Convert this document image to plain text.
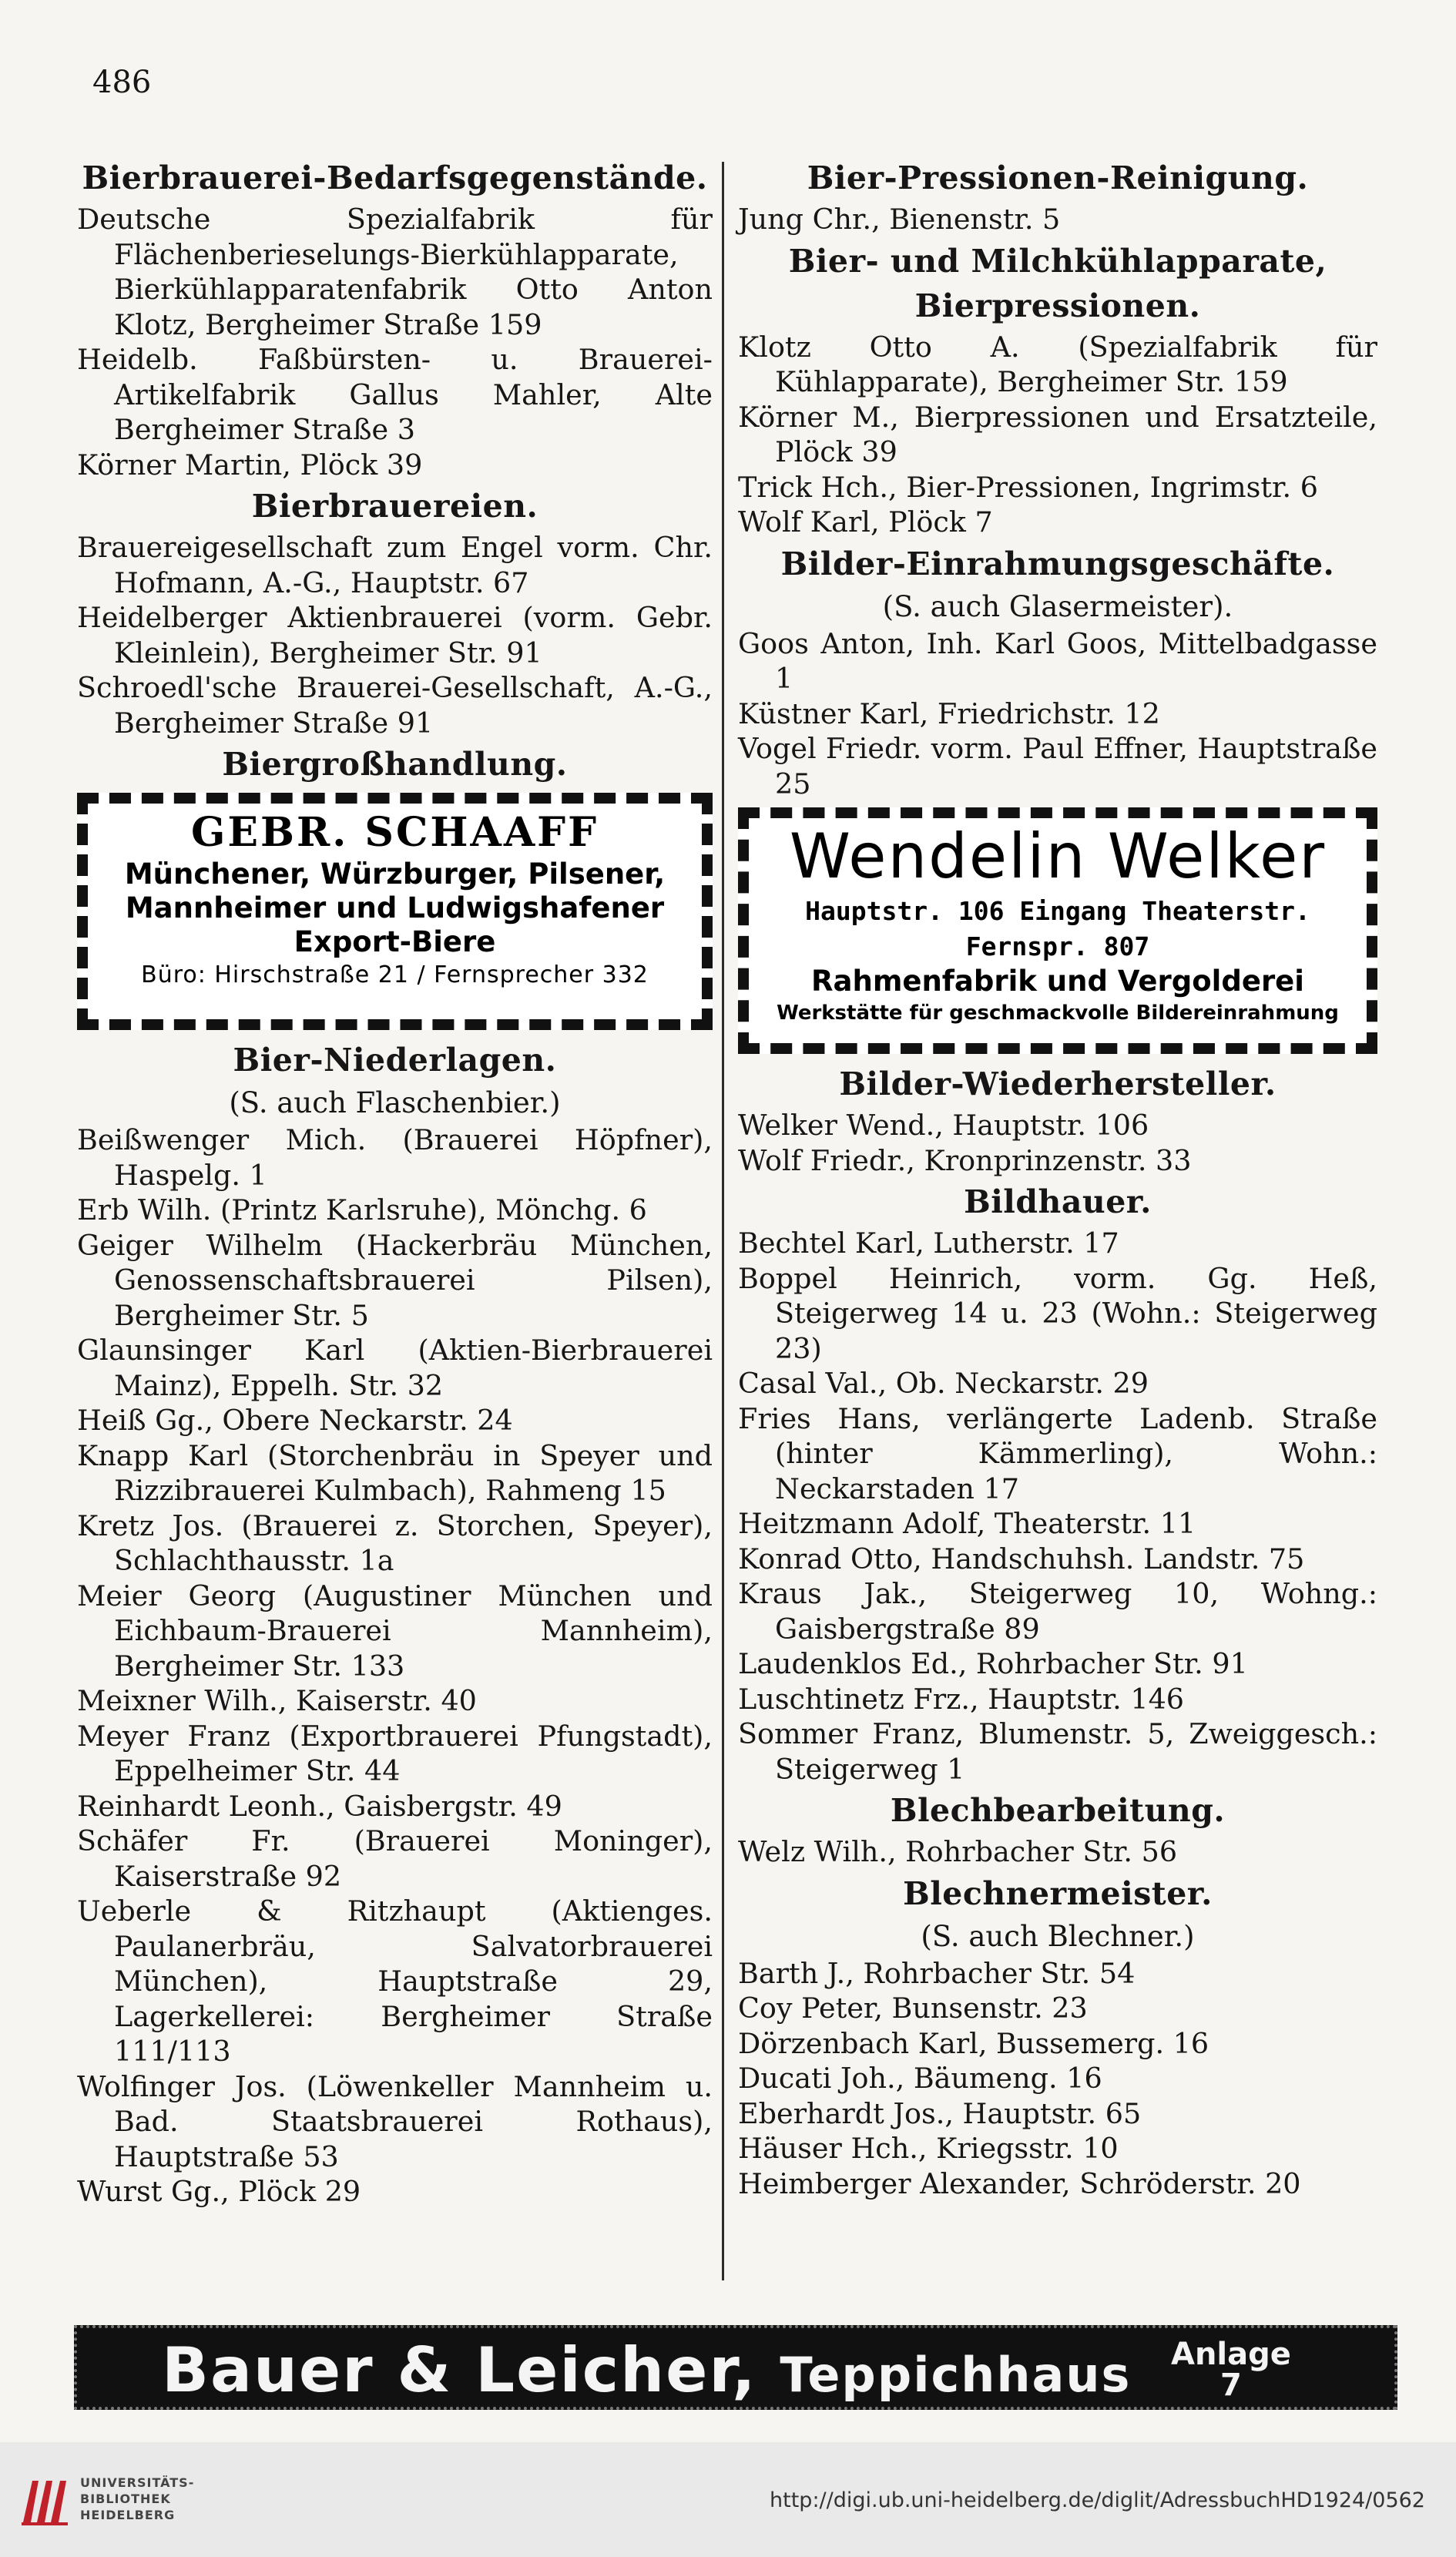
486
Bierbrauerei-Bedarfsgegenstände.
Deutsche Spezialfabrik für Flächenberieselungs-Bierkühlapparate, Bierkühlapparatenfabrik Otto Anton Klotz, Bergheimer Straße 159
Heidelb. Faßbürsten- u. Brauerei-Artikelfabrik Gallus Mahler, Alte Bergheimer Straße 3
Körner Martin, Plöck 39
Bierbrauereien.
Brauereigesellschaft zum Engel vorm. Chr. Hofmann, A.-G., Hauptstr. 67
Heidelberger Aktienbrauerei (vorm. Gebr. Kleinlein), Bergheimer Str. 91
Schroedl'sche Brauerei-Gesellschaft, A.-G., Bergheimer Straße 91
Biergroßhandlung.
GEBR. SCHAAFF
Münchener, Würzburger, Pilsener,
Mannheimer und Ludwigshafener
Export-Biere
Büro: Hirschstraße 21 / Fernsprecher 332
Bier-Niederlagen.
(S. auch Flaschenbier.)
Beißwenger Mich. (Brauerei Höpfner), Haspelg. 1
Erb Wilh. (Printz Karlsruhe), Mönchg. 6
Geiger Wilhelm (Hackerbräu München, Genossenschaftsbrauerei Pilsen), Bergheimer Str. 5
Glaunsinger Karl (Aktien-Bierbrauerei Mainz), Eppelh. Str. 32
Heiß Gg., Obere Neckarstr. 24
Knapp Karl (Storchenbräu in Speyer und Rizzibrauerei Kulmbach), Rahmeng 15
Kretz Jos. (Brauerei z. Storchen, Speyer), Schlachthausstr. 1a
Meier Georg (Augustiner München und Eichbaum-Brauerei Mannheim), Bergheimer Str. 133
Meixner Wilh., Kaiserstr. 40
Meyer Franz (Exportbrauerei Pfungstadt), Eppelheimer Str. 44
Reinhardt Leonh., Gaisbergstr. 49
Schäfer Fr. (Brauerei Moninger), Kaiserstraße 92
Ueberle & Ritzhaupt (Aktienges. Paulanerbräu, Salvatorbrauerei München), Hauptstraße 29, Lagerkellerei: Bergheimer Straße 111/113
Wolfinger Jos. (Löwenkeller Mannheim u. Bad. Staatsbrauerei Rothaus), Hauptstraße 53
Wurst Gg., Plöck 29
Bier-Pressionen-Reinigung.
Jung Chr., Bienenstr. 5
Bier- und Milchkühlapparate, Bierpressionen.
Klotz Otto A. (Spezialfabrik für Kühlapparate), Bergheimer Str. 159
Körner M., Bierpressionen und Ersatzteile, Plöck 39
Trick Hch., Bier-Pressionen, Ingrimstr. 6
Wolf Karl, Plöck 7
Bilder-Einrahmungsgeschäfte.
(S. auch Glasermeister).
Goos Anton, Inh. Karl Goos, Mittelbadgasse 1
Küstner Karl, Friedrichstr. 12
Vogel Friedr. vorm. Paul Effner, Hauptstraße 25
Wendelin Welker
Hauptstr. 106 Eingang Theaterstr. Fernspr. 807
Rahmenfabrik und Vergolderei
Werkstätte für geschmackvolle Bildereinrahmung
Bilder-Wiederhersteller.
Welker Wend., Hauptstr. 106
Wolf Friedr., Kronprinzenstr. 33
Bildhauer.
Bechtel Karl, Lutherstr. 17
Boppel Heinrich, vorm. Gg. Heß, Steigerweg 14 u. 23 (Wohn.: Steigerweg 23)
Casal Val., Ob. Neckarstr. 29
Fries Hans, verlängerte Ladenb. Straße (hinter Kämmerling), Wohn.: Neckarstaden 17
Heitzmann Adolf, Theaterstr. 11
Konrad Otto, Handschuhsh. Landstr. 75
Kraus Jak., Steigerweg 10, Wohng.: Gaisbergstraße 89
Laudenklos Ed., Rohrbacher Str. 91
Luschtinetz Frz., Hauptstr. 146
Sommer Franz, Blumenstr. 5, Zweiggesch.: Steigerweg 1
Blechbearbeitung.
Welz Wilh., Rohrbacher Str. 56
Blechnermeister.
(S. auch Blechner.)
Barth J., Rohrbacher Str. 54
Coy Peter, Bunsenstr. 23
Dörzenbach Karl, Bussemerg. 16
Ducati Joh., Bäumeng. 16
Eberhardt Jos., Hauptstr. 65
Häuser Hch., Kriegsstr. 10
Heimberger Alexander, Schröderstr. 20
Bauer & Leicher, Teppichhaus Anlage
7
UNIVERSITÄTS-
BIBLIOTHEK
HEIDELBERG
http://digi.ub.uni-heidelberg.de/diglit/AdressbuchHD1924/0562
